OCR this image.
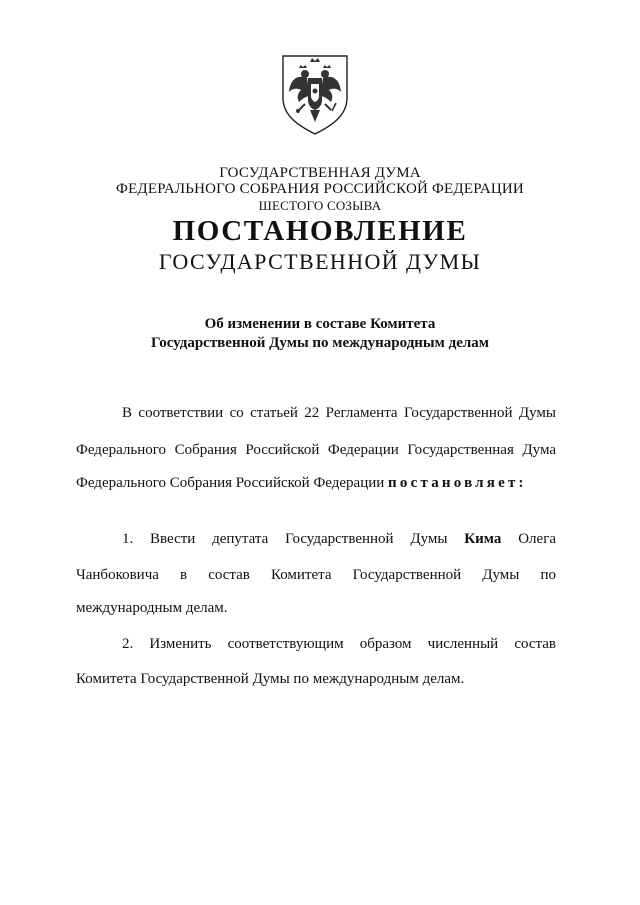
ГОСУДАРСТВЕННАЯ ДУМА
ФЕДЕРАЛЬНОГО СОБРАНИЯ РОССИЙСКОЙ ФЕДЕРАЦИИ
ШЕСТОГО СОЗЫВА
ПОСТАНОВЛЕНИЕ
ГОСУДАРСТВЕННОЙ ДУМЫ
Об изменении в составе Комитета
Государственной Думы по международным делам
В соответствии со статьей 22 Регламента Государственной Думы
Федерального Собрания Российской Федерации Государственная Дума
Федерального Собрания Российской Федерации постановляет:
1. Ввести депутата Государственной Думы Кима Олега
Чанбоковича в состав Комитета Государственной Думы по
международным делам.
2. Изменить соответствующим образом численный состав
Комитета Государственной Думы по международным делам.
